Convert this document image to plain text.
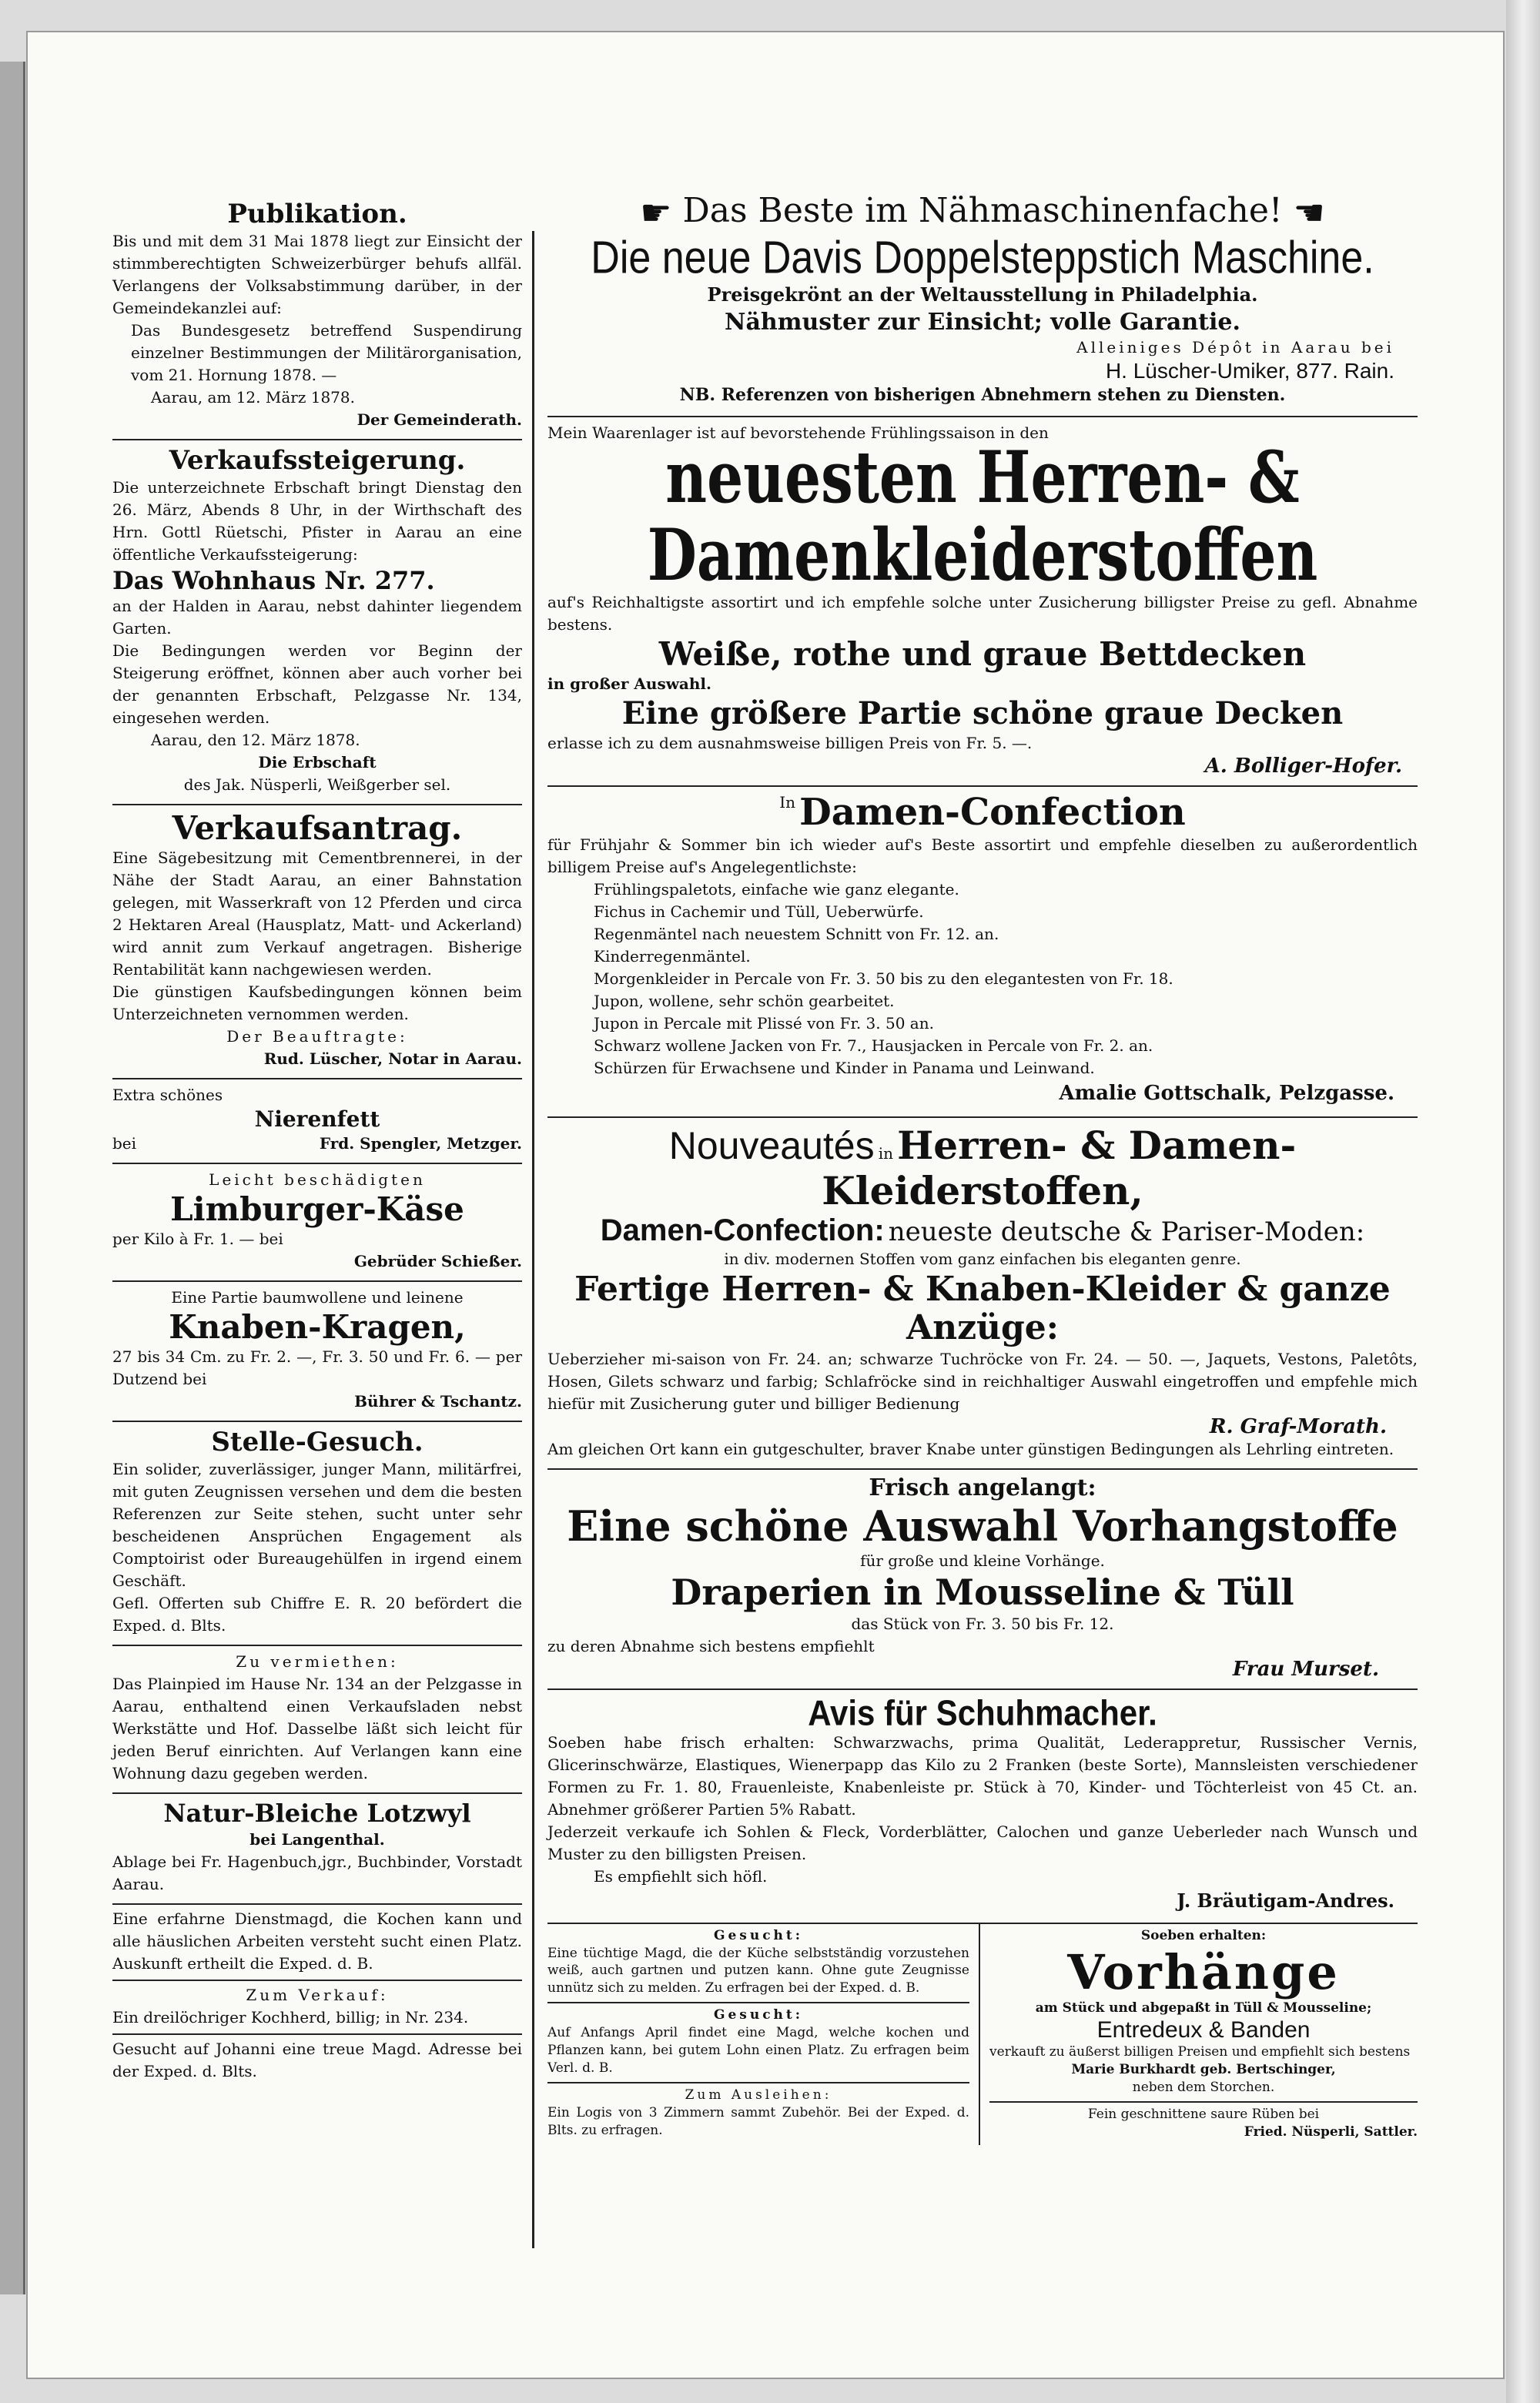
Publikation.
Bis und mit dem 31 Mai 1878 liegt zur Einsicht der stimmberechtigten Schweizerbürger behufs allfäl. Verlangens der Volksabstimmung darüber, in der Gemeindekanzlei auf:
Das Bundesgesetz betreffend Suspendirung einzelner Bestimmungen der Militärorganisation, vom 21. Hornung 1878. —
Aarau, am 12. März 1878.
Der Gemeinderath.
Verkaufssteigerung.
Die unterzeichnete Erbschaft bringt Dienstag den 26. März, Abends 8 Uhr, in der Wirthschaft des Hrn. Gottl Rüetschi, Pfister in Aarau an eine öffentliche Verkaufssteigerung:
Das Wohnhaus Nr. 277.
an der Halden in Aarau, nebst dahinter liegendem Garten.
Die Bedingungen werden vor Beginn der Steigerung eröffnet, können aber auch vorher bei der genannten Erbschaft, Pelzgasse Nr. 134, eingesehen werden.
Aarau, den 12. März 1878.
Die Erbschaft
des Jak. Nüsperli, Weißgerber sel.
Verkaufsantrag.
Eine Sägebesitzung mit Cementbrennerei, in der Nähe der Stadt Aarau, an einer Bahnstation gelegen, mit Wasserkraft von 12 Pferden und circa 2 Hektaren Areal (Hausplatz, Matt- und Ackerland) wird annit zum Verkauf angetragen. Bisherige Rentabilität kann nachgewiesen werden.
Die günstigen Kaufsbedingungen können beim Unterzeichneten vernommen werden.
Der Beauftragte:
Rud. Lüscher, Notar in Aarau.
Extra schönes
Nierenfett
bei	Frd. Spengler, Metzger.
Leicht beschädigten
Limburger-Käse
per Kilo à Fr. 1. — bei
Gebrüder Schießer.
Eine Partie baumwollene und leinene
Knaben-Kragen,
27 bis 34 Cm. zu Fr. 2. —, Fr. 3. 50 und Fr. 6. — per Dutzend bei
Bührer & Tschantz.
Stelle-Gesuch.
Ein solider, zuverlässiger, junger Mann, militärfrei, mit guten Zeugnissen versehen und dem die besten Referenzen zur Seite stehen, sucht unter sehr bescheidenen Ansprüchen Engagement als Comptoirist oder Bureaugehülfen in irgend einem Geschäft.
Gefl. Offerten sub Chiffre E. R. 20 befördert die Exped. d. Blts.
Zu vermiethen:
Das Plainpied im Hause Nr. 134 an der Pelzgasse in Aarau, enthaltend einen Verkaufsladen nebst Werkstätte und Hof. Dasselbe läßt sich leicht für jeden Beruf einrichten. Auf Verlangen kann eine Wohnung dazu gegeben werden.
Natur-Bleiche Lotzwyl
bei Langenthal.
Ablage bei Fr. Hagenbuch,jgr., Buchbinder, Vorstadt Aarau.
Eine erfahrne Dienstmagd, die Kochen kann und alle häuslichen Arbeiten versteht sucht einen Platz. Auskunft ertheilt die Exped. d. B.
Zum Verkauf:
Ein dreilöchriger Kochherd, billig; in Nr. 234.
Gesucht auf Johanni eine treue Magd. Adresse bei der Exped. d. Blts.
☛ Das Beste im Nähmaschinenfache! ☚
Die neue Davis Doppelsteppstich Maschine.
Preisgekrönt an der Weltausstellung in Philadelphia.
Nähmuster zur Einsicht; volle Garantie.
Alleiniges Dépôt in Aarau bei
H. Lüscher-Umiker, 877. Rain.
NB. Referenzen von bisherigen Abnehmern stehen zu Diensten.
Mein Waarenlager ist auf bevorstehende Frühlingssaison in den
neuesten Herren- & Damenkleiderstoffen
auf's Reichhaltigste assortirt und ich empfehle solche unter Zusicherung billigster Preise zu gefl. Abnahme bestens.
Weiße, rothe und graue Bettdecken
in großer Auswahl.
Eine größere Partie schöne graue Decken
erlasse ich zu dem ausnahmsweise billigen Preis von Fr. 5. —.
A. Bolliger-Hofer.
In Damen-Confection
für Frühjahr & Sommer bin ich wieder auf's Beste assortirt und empfehle dieselben zu außerordentlich billigem Preise auf's Angelegentlichste:
Frühlingspaletots, einfache wie ganz elegante.
Fichus in Cachemir und Tüll, Ueberwürfe.
Regenmäntel nach neuestem Schnitt von Fr. 12. an.
Kinderregenmäntel.
Morgenkleider in Percale von Fr. 3. 50 bis zu den elegantesten von Fr. 18.
Jupon, wollene, sehr schön gearbeitet.
Jupon in Percale mit Plissé von Fr. 3. 50 an.
Schwarz wollene Jacken von Fr. 7., Hausjacken in Percale von Fr. 2. an.
Schürzen für Erwachsene und Kinder in Panama und Leinwand.
Amalie Gottschalk, Pelzgasse.
Nouveautés in Herren- & Damen-Kleiderstoffen,
Damen-Confection: neueste deutsche & Pariser-Moden:
in div. modernen Stoffen vom ganz einfachen bis eleganten genre.
Fertige Herren- & Knaben-Kleider & ganze Anzüge:
Ueberzieher mi-saison von Fr. 24. an; schwarze Tuchröcke von Fr. 24. — 50. —, Jaquets, Vestons, Paletôts, Hosen, Gilets schwarz und farbig; Schlafröcke sind in reichhaltiger Auswahl eingetroffen und empfehle mich hiefür mit Zusicherung guter und billiger Bedienung
R. Graf-Morath.
Am gleichen Ort kann ein gutgeschulter, braver Knabe unter günstigen Bedingungen als Lehrling eintreten.
Frisch angelangt:
Eine schöne Auswahl Vorhangstoffe
für große und kleine Vorhänge.
Draperien in Mousseline & Tüll
das Stück von Fr. 3. 50 bis Fr. 12.
zu deren Abnahme sich bestens empfiehlt
Frau Murset.
Avis für Schuhmacher.
Soeben habe frisch erhalten: Schwarzwachs, prima Qualität, Lederappretur, Russischer Vernis, Glicerinschwärze, Elastiques, Wienerpapp das Kilo zu 2 Franken (beste Sorte), Mannsleisten verschiedener Formen zu Fr. 1. 80, Frauenleiste, Knabenleiste pr. Stück à 70, Kinder- und Töchterleist von 45 Ct. an. Abnehmer größerer Partien 5% Rabatt.
Jederzeit verkaufe ich Sohlen & Fleck, Vorderblätter, Calochen und ganze Ueberleder nach Wunsch und Muster zu den billigsten Preisen.
Es empfiehlt sich höfl.
J. Bräutigam-Andres.
Gesucht:
Eine tüchtige Magd, die der Küche selbstständig vorzustehen weiß, auch gartnen und putzen kann. Ohne gute Zeugnisse unnütz sich zu melden. Zu erfragen bei der Exped. d. B.
Gesucht:
Auf Anfangs April findet eine Magd, welche kochen und Pflanzen kann, bei gutem Lohn einen Platz. Zu erfragen beim Verl. d. B.
Zum Ausleihen:
Ein Logis von 3 Zimmern sammt Zubehör. Bei der Exped. d. Blts. zu erfragen.
Soeben erhalten:
Vorhänge
am Stück und abgepaßt in Tüll & Mousseline;
Entredeux & Banden
verkauft zu äußerst billigen Preisen und empfiehlt sich bestens
Marie Burkhardt geb. Bertschinger,
neben dem Storchen.
Fein geschnittene saure Rüben bei
Fried. Nüsperli, Sattler.
